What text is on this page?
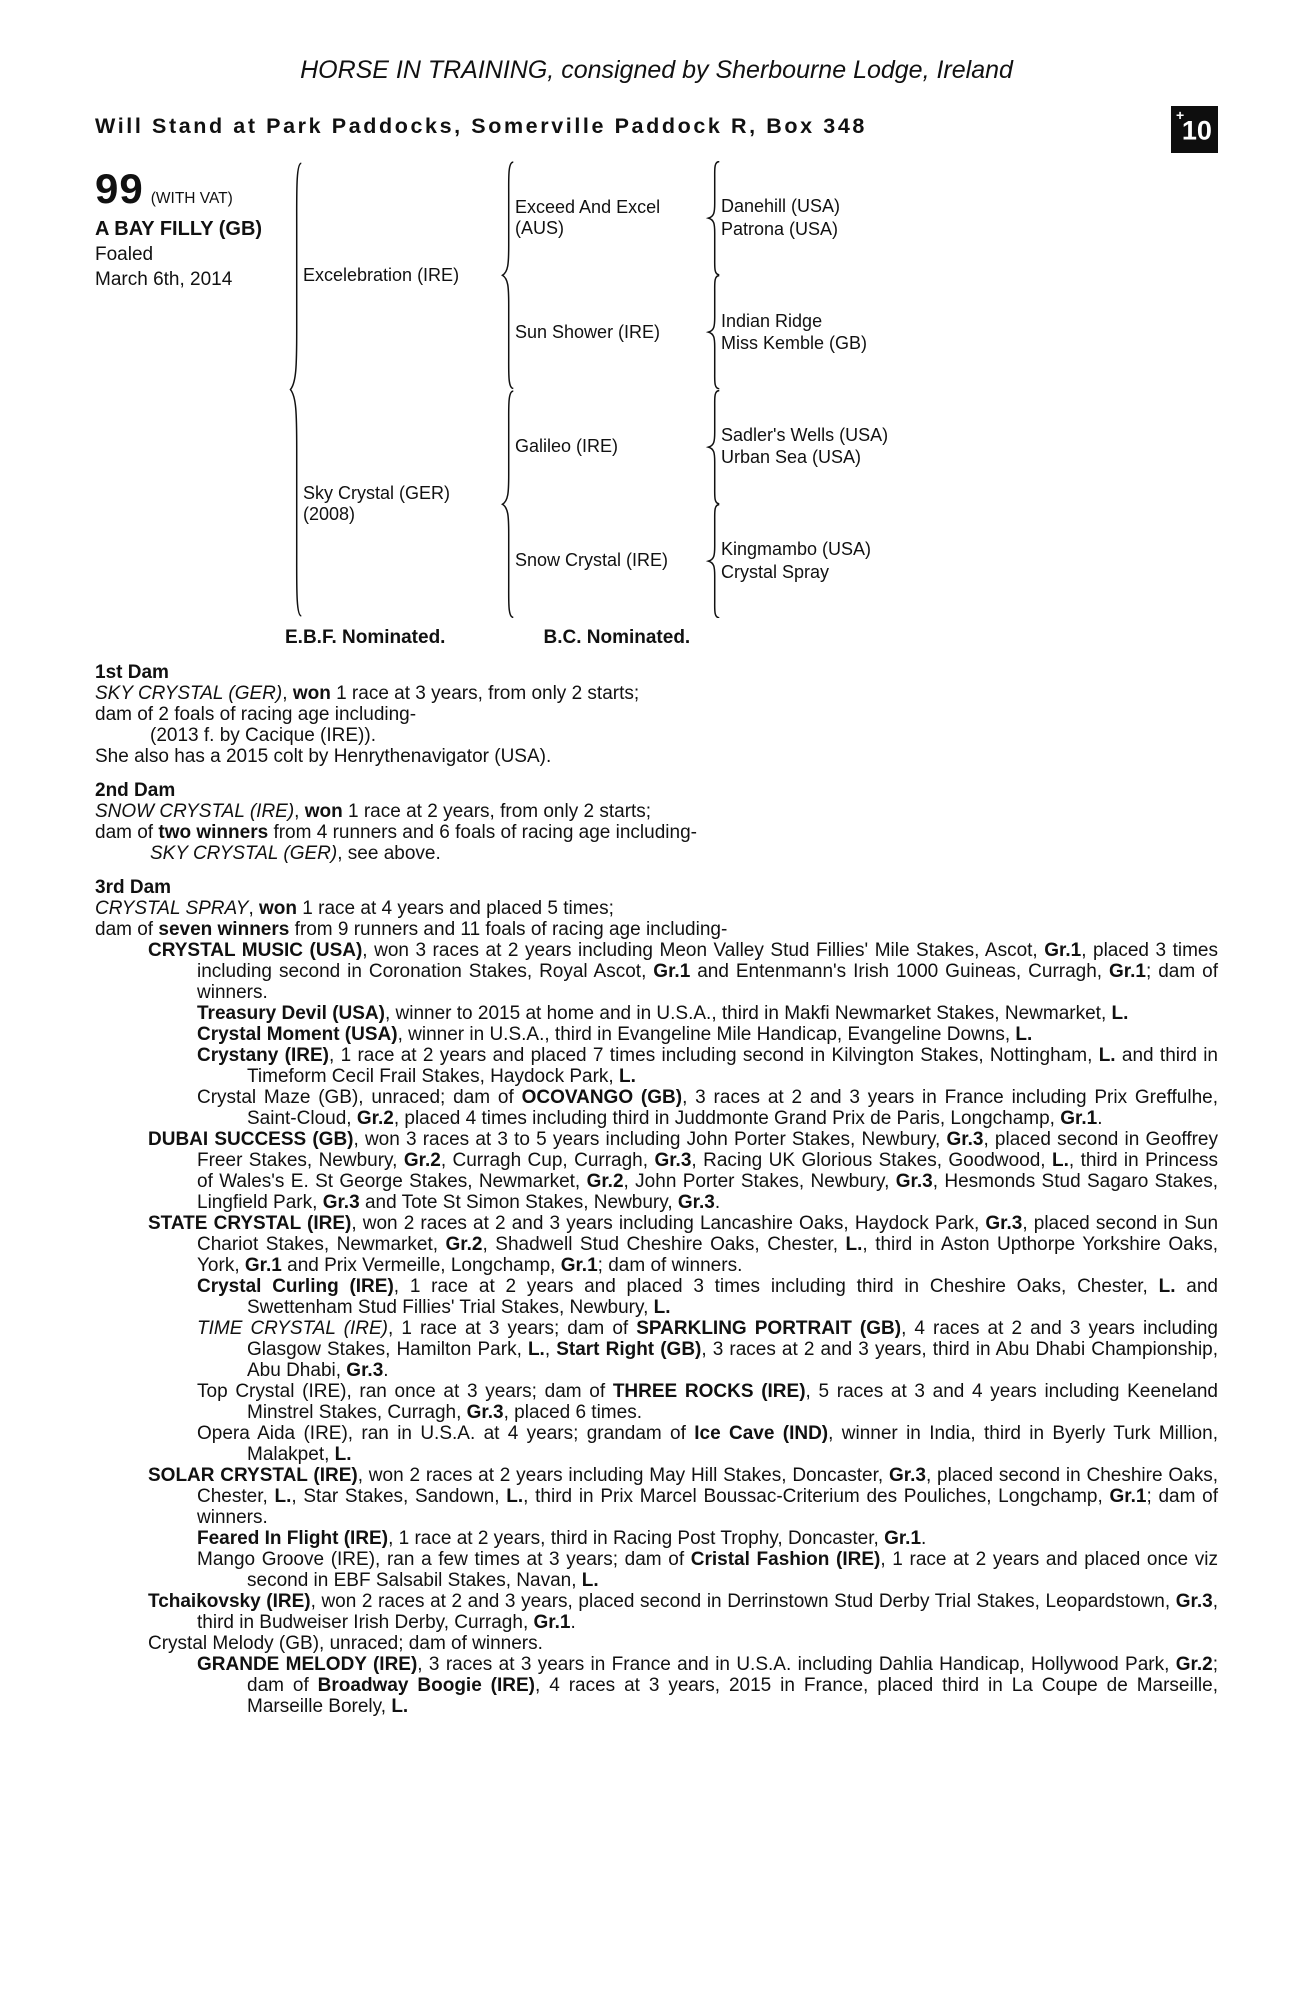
HORSE IN TRAINING, consigned by Sherbourne Lodge, Ireland
Will Stand at Park Paddocks, Somerville Paddock R, Box 348	+
10
99 (WITH VAT)
A BAY FILLY (GB)
Foaled
March 6th, 2014	Excelebration (IRE)
Exceed And Excel (AUS)
Danehill (USA)
Patrona (USA)
Sun Shower (IRE)
Indian Ridge
Miss Kemble (GB)
Sky Crystal (GER) (2008)
Galileo (IRE)
Sadler's Wells (USA)
Urban Sea (USA)
Snow Crystal (IRE)
Kingmambo (USA)
Crystal Spray
E.B.F. Nominated.	B.C. Nominated.
1st Dam
SKY CRYSTAL (GER), won 1 race at 3 years, from only 2 starts;
dam of 2 foals of racing age including-
(2013 f. by Cacique (IRE)).
She also has a 2015 colt by Henrythenavigator (USA).
2nd Dam
SNOW CRYSTAL (IRE), won 1 race at 2 years, from only 2 starts;
dam of two winners from 4 runners and 6 foals of racing age including-
SKY CRYSTAL (GER), see above.
3rd Dam
CRYSTAL SPRAY, won 1 race at 4 years and placed 5 times;
dam of seven winners from 9 runners and 11 foals of racing age including-
CRYSTAL MUSIC (USA), won 3 races at 2 years including Meon Valley Stud Fillies' Mile Stakes, Ascot, Gr.1, placed 3 times including second in Coronation Stakes, Royal Ascot, Gr.1 and Entenmann's Irish 1000 Guineas, Curragh, Gr.1; dam of winners.
Treasury Devil (USA), winner to 2015 at home and in U.S.A., third in Makfi Newmarket Stakes, Newmarket, L.
Crystal Moment (USA), winner in U.S.A., third in Evangeline Mile Handicap, Evangeline Downs, L.
Crystany (IRE), 1 race at 2 years and placed 7 times including second in Kilvington Stakes, Nottingham, L. and third in Timeform Cecil Frail Stakes, Haydock Park, L.
Crystal Maze (GB), unraced; dam of OCOVANGO (GB), 3 races at 2 and 3 years in France including Prix Greffulhe, Saint-Cloud, Gr.2, placed 4 times including third in Juddmonte Grand Prix de Paris, Longchamp, Gr.1.
DUBAI SUCCESS (GB), won 3 races at 3 to 5 years including John Porter Stakes, Newbury, Gr.3, placed second in Geoffrey Freer Stakes, Newbury, Gr.2, Curragh Cup, Curragh, Gr.3, Racing UK Glorious Stakes, Goodwood, L., third in Princess of Wales's E. St George Stakes, Newmarket, Gr.2, John Porter Stakes, Newbury, Gr.3, Hesmonds Stud Sagaro Stakes, Lingfield Park, Gr.3 and Tote St Simon Stakes, Newbury, Gr.3.
STATE CRYSTAL (IRE), won 2 races at 2 and 3 years including Lancashire Oaks, Haydock Park, Gr.3, placed second in Sun Chariot Stakes, Newmarket, Gr.2, Shadwell Stud Cheshire Oaks, Chester, L., third in Aston Upthorpe Yorkshire Oaks, York, Gr.1 and Prix Vermeille, Longchamp, Gr.1; dam of winners.
Crystal Curling (IRE), 1 race at 2 years and placed 3 times including third in Cheshire Oaks, Chester, L. and Swettenham Stud Fillies' Trial Stakes, Newbury, L.
TIME CRYSTAL (IRE), 1 race at 3 years; dam of SPARKLING PORTRAIT (GB), 4 races at 2 and 3 years including Glasgow Stakes, Hamilton Park, L., Start Right (GB), 3 races at 2 and 3 years, third in Abu Dhabi Championship, Abu Dhabi, Gr.3.
Top Crystal (IRE), ran once at 3 years; dam of THREE ROCKS (IRE), 5 races at 3 and 4 years including Keeneland Minstrel Stakes, Curragh, Gr.3, placed 6 times.
Opera Aida (IRE), ran in U.S.A. at 4 years; grandam of Ice Cave (IND), winner in India, third in Byerly Turk Million, Malakpet, L.
SOLAR CRYSTAL (IRE), won 2 races at 2 years including May Hill Stakes, Doncaster, Gr.3, placed second in Cheshire Oaks, Chester, L., Star Stakes, Sandown, L., third in Prix Marcel Boussac-Criterium des Pouliches, Longchamp, Gr.1; dam of winners.
Feared In Flight (IRE), 1 race at 2 years, third in Racing Post Trophy, Doncaster, Gr.1.
Mango Groove (IRE), ran a few times at 3 years; dam of Cristal Fashion (IRE), 1 race at 2 years and placed once viz second in EBF Salsabil Stakes, Navan, L.
Tchaikovsky (IRE), won 2 races at 2 and 3 years, placed second in Derrinstown Stud Derby Trial Stakes, Leopardstown, Gr.3, third in Budweiser Irish Derby, Curragh, Gr.1.
Crystal Melody (GB), unraced; dam of winners.
GRANDE MELODY (IRE), 3 races at 3 years in France and in U.S.A. including Dahlia Handicap, Hollywood Park, Gr.2; dam of Broadway Boogie (IRE), 4 races at 3 years, 2015 in France, placed third in La Coupe de Marseille, Marseille Borely, L.
